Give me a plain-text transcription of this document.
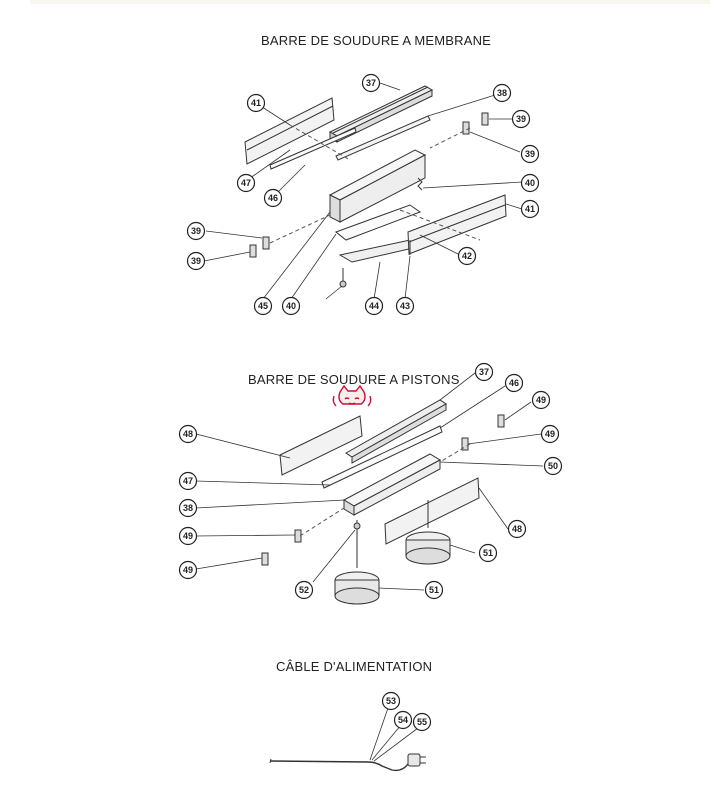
BARRE DE SOUDURE A MEMBRANE
BARRE DE SOUDURE A PISTONS
CÂBLE D'ALIMENTATION
37
38
39
39
40
41
42
43
44
40
45
39
39
41
47
46
37
46
49
49
50
48
51
51
52
49
49
38
47
48
53
54 55
